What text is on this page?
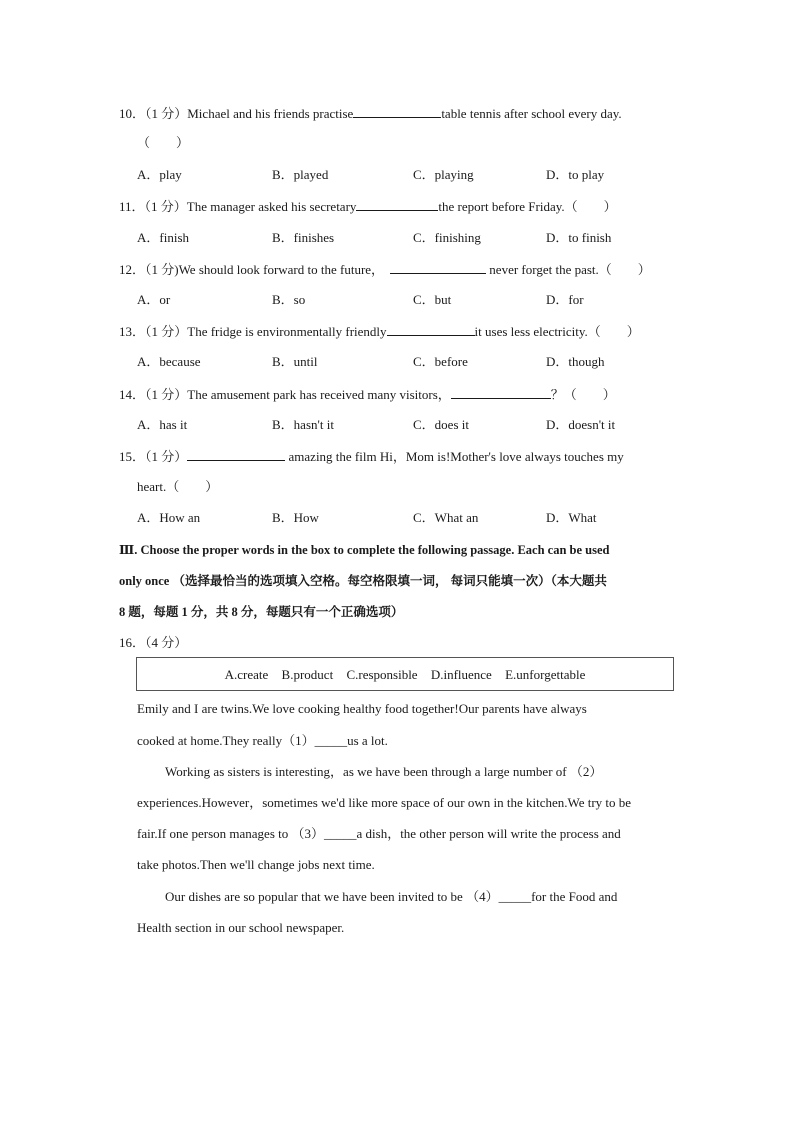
10．（1 分）Michael and his friends practise	table tennis after school every day.
（　　）
A．play	B．played	C．playing	D．to play
11．（1 分）The manager asked his secretary	the report before Friday.（　　）
A．finish	B．finishes	C．finishing	D．to finish
12．（1 分)We should look forward to the future，	never forget the past.（　　）
A．or	B．so	C．but	D．for
13．（1 分）The fridge is environmentally friendly	it uses less electricity.（　　）
A．because	B．until	C．before	D．though
14．（1 分）The amusement park has received many visitors，	？（　　）
A．has it	B．hasn't it	C．does it	D．doesn't it
15．（1 分）	amazing the film Hi，Mom is!Mother's love always touches my
heart.（　　）
A．How an	B．How	C．What an	D．What
Ⅲ. Choose the proper words in the box to complete the following passage. Each can be used
only once （选择最恰当的选项填入空格。每空格限填一词， 每词只能填一次）（本大题共
8 题，每题 1 分，共 8 分，每题只有一个正确选项）
16．（4 分）
A.create B.product C.responsible D.influence E.unforgettable
Emily and I are twins.We love cooking healthy food together!Our parents have always
cooked at home.They really（1）_____us a lot.
Working as sisters is interesting，as we have been through a large number of （2）
experiences.However，sometimes we'd like more space of our own in the kitchen.We try to be
fair.If one person manages to （3）_____a dish，the other person will write the process and
take photos.Then we'll change jobs next time.
Our dishes are so popular that we have been invited to be （4）_____for the Food and
Health section in our school newspaper.
